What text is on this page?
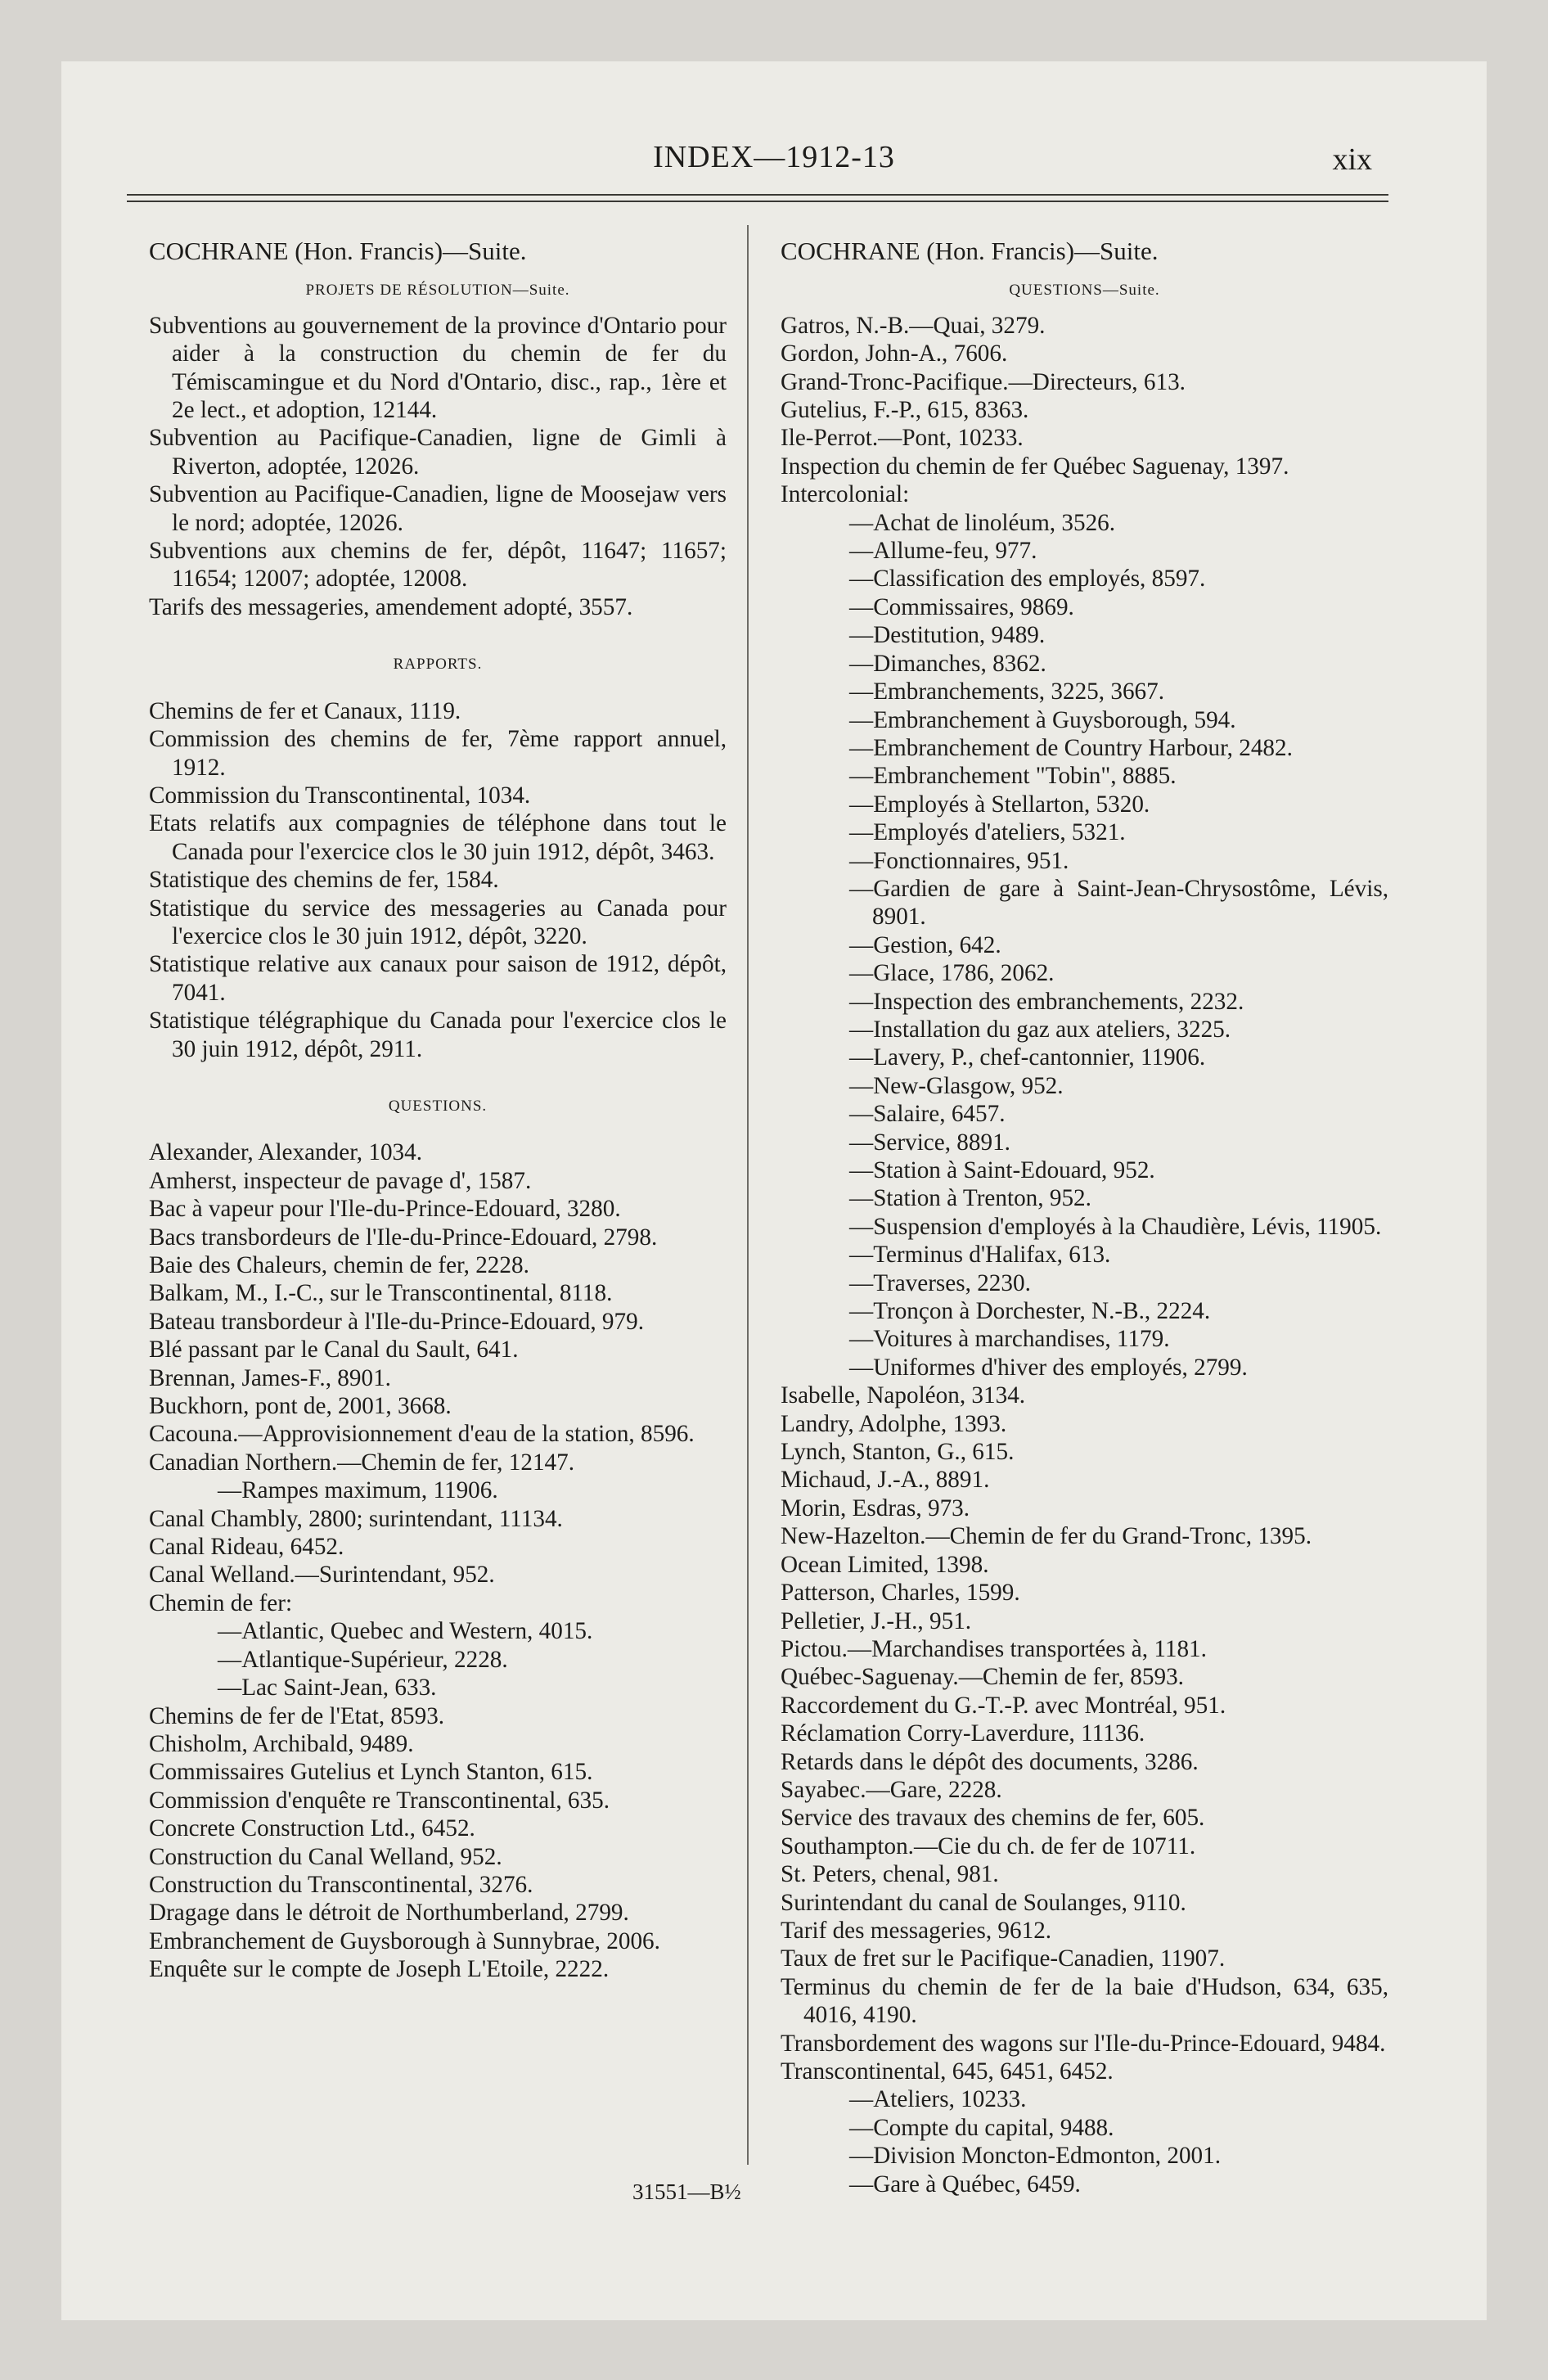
INDEX—1912-13	xix
COCHRANE (Hon. Francis)—Suite.
PROJETS DE RÉSOLUTION—Suite.
Subventions au gouvernement de la province d'Ontario pour aider à la construction du chemin de fer du Témiscamingue et du Nord d'Ontario, disc., rap., 1ère et 2e lect., et adoption, 12144.
Subvention au Pacifique-Canadien, ligne de Gimli à Riverton, adoptée, 12026.
Subvention au Pacifique-Canadien, ligne de Moosejaw vers le nord; adoptée, 12026.
Subventions aux chemins de fer, dépôt, 11647; 11657; 11654; 12007; adoptée, 12008.
Tarifs des messageries, amendement adopté, 3557.
RAPPORTS.
Chemins de fer et Canaux, 1119.
Commission des chemins de fer, 7ème rapport annuel, 1912.
Commission du Transcontinental, 1034.
Etats relatifs aux compagnies de téléphone dans tout le Canada pour l'exercice clos le 30 juin 1912, dépôt, 3463.
Statistique des chemins de fer, 1584.
Statistique du service des messageries au Canada pour l'exercice clos le 30 juin 1912, dépôt, 3220.
Statistique relative aux canaux pour saison de 1912, dépôt, 7041.
Statistique télégraphique du Canada pour l'exercice clos le 30 juin 1912, dépôt, 2911.
QUESTIONS.
Alexander, Alexander, 1034.
Amherst, inspecteur de pavage d', 1587.
Bac à vapeur pour l'Ile-du-Prince-Edouard, 3280.
Bacs transbordeurs de l'Ile-du-Prince-Edouard, 2798.
Baie des Chaleurs, chemin de fer, 2228.
Balkam, M., I.-C., sur le Transcontinental, 8118.
Bateau transbordeur à l'Ile-du-Prince-Edouard, 979.
Blé passant par le Canal du Sault, 641.
Brennan, James-F., 8901.
Buckhorn, pont de, 2001, 3668.
Cacouna.—Approvisionnement d'eau de la station, 8596.
Canadian Northern.—Chemin de fer, 12147.
—Rampes maximum, 11906.
Canal Chambly, 2800; surintendant, 11134.
Canal Rideau, 6452.
Canal Welland.—Surintendant, 952.
Chemin de fer:
—Atlantic, Quebec and Western, 4015.
—Atlantique-Supérieur, 2228.
—Lac Saint-Jean, 633.
Chemins de fer de l'Etat, 8593.
Chisholm, Archibald, 9489.
Commissaires Gutelius et Lynch Stanton, 615.
Commission d'enquête re Transcontinental, 635.
Concrete Construction Ltd., 6452.
Construction du Canal Welland, 952.
Construction du Transcontinental, 3276.
Dragage dans le détroit de Northumberland, 2799.
Embranchement de Guysborough à Sunnybrae, 2006.
Enquête sur le compte de Joseph L'Etoile, 2222.
COCHRANE (Hon. Francis)—Suite.
QUESTIONS—Suite.
Gatros, N.-B.—Quai, 3279.
Gordon, John-A., 7606.
Grand-Tronc-Pacifique.—Directeurs, 613.
Gutelius, F.-P., 615, 8363.
Ile-Perrot.—Pont, 10233.
Inspection du chemin de fer Québec Saguenay, 1397.
Intercolonial:
—Achat de linoléum, 3526.
—Allume-feu, 977.
—Classification des employés, 8597.
—Commissaires, 9869.
—Destitution, 9489.
—Dimanches, 8362.
—Embranchements, 3225, 3667.
—Embranchement à Guysborough, 594.
—Embranchement de Country Harbour, 2482.
—Embranchement "Tobin", 8885.
—Employés à Stellarton, 5320.
—Employés d'ateliers, 5321.
—Fonctionnaires, 951.
—Gardien de gare à Saint-Jean-Chrysostôme, Lévis, 8901.
—Gestion, 642.
—Glace, 1786, 2062.
—Inspection des embranchements, 2232.
—Installation du gaz aux ateliers, 3225.
—Lavery, P., chef-cantonnier, 11906.
—New-Glasgow, 952.
—Salaire, 6457.
—Service, 8891.
—Station à Saint-Edouard, 952.
—Station à Trenton, 952.
—Suspension d'employés à la Chaudière, Lévis, 11905.
—Terminus d'Halifax, 613.
—Traverses, 2230.
—Tronçon à Dorchester, N.-B., 2224.
—Voitures à marchandises, 1179.
—Uniformes d'hiver des employés, 2799.
Isabelle, Napoléon, 3134.
Landry, Adolphe, 1393.
Lynch, Stanton, G., 615.
Michaud, J.-A., 8891.
Morin, Esdras, 973.
New-Hazelton.—Chemin de fer du Grand-Tronc, 1395.
Ocean Limited, 1398.
Patterson, Charles, 1599.
Pelletier, J.-H., 951.
Pictou.—Marchandises transportées à, 1181.
Québec-Saguenay.—Chemin de fer, 8593.
Raccordement du G.-T.-P. avec Montréal, 951.
Réclamation Corry-Laverdure, 11136.
Retards dans le dépôt des documents, 3286.
Sayabec.—Gare, 2228.
Service des travaux des chemins de fer, 605.
Southampton.—Cie du ch. de fer de 10711.
St. Peters, chenal, 981.
Surintendant du canal de Soulanges, 9110.
Tarif des messageries, 9612.
Taux de fret sur le Pacifique-Canadien, 11907.
Terminus du chemin de fer de la baie d'Hudson, 634, 635, 4016, 4190.
Transbordement des wagons sur l'Ile-du-Prince-Edouard, 9484.
Transcontinental, 645, 6451, 6452.
—Ateliers, 10233.
—Compte du capital, 9488.
—Division Moncton-Edmonton, 2001.
—Gare à Québec, 6459.
31551—B½
